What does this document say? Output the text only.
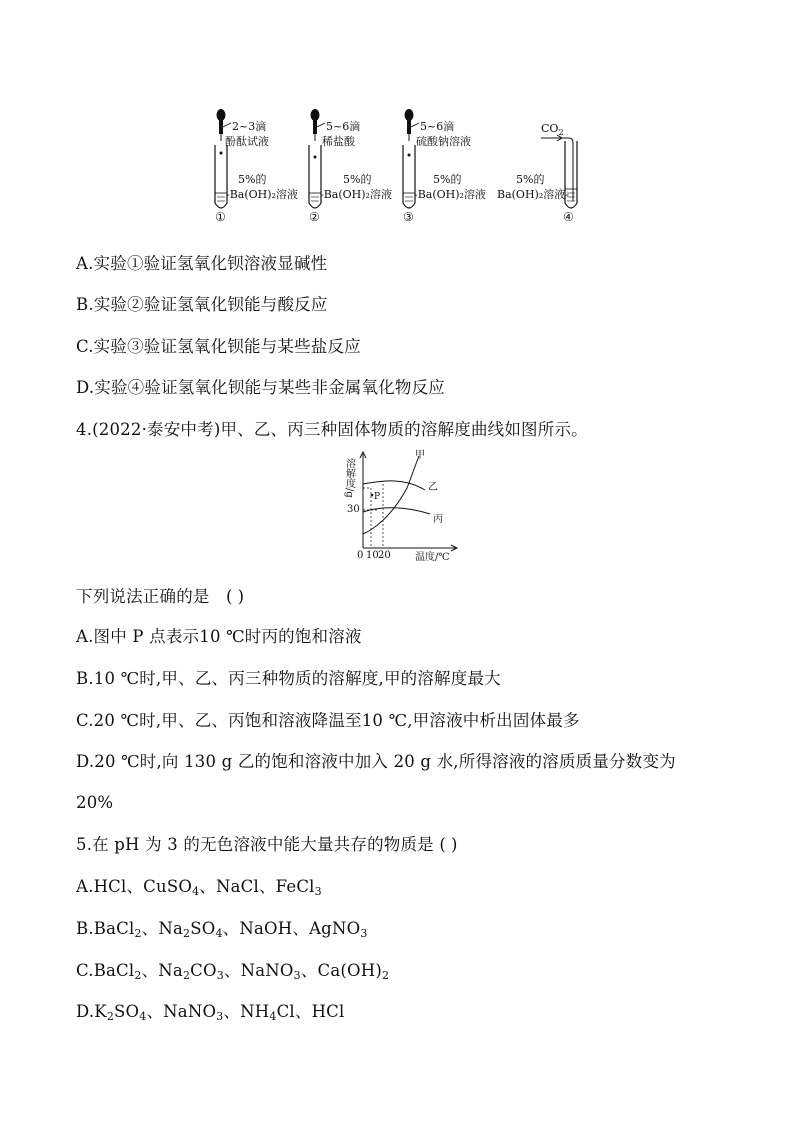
2~3滴
酚酞试液
5%的
-Ba(OH)₂溶液
①
5~6滴
稀盐酸
5%的
-Ba(OH)₂溶液
②
5~6滴
硫酸钠溶液
5%的
-Ba(OH)₂溶液
③
$CO_2$
5%的
Ba(OH)₂溶液-
④
A.实验①验证氢氧化钡溶液显碱性
B.实验②验证氢氧化钡能与酸反应
C.实验③验证氢氧化钡能与某些盐反应
D.实验④验证氢氧化钡能与某些非金属氧化物反应
4.(2022·泰安中考)甲、乙、丙三种固体物质的溶解度曲线如图所示。
溶解度/g
30
0 10 20 温度/℃
P
甲
乙
丙
下列说法正确的是 ( )
A.图中 P 点表示10 ℃时丙的饱和溶液
B.10 ℃时,甲、乙、丙三种物质的溶解度,甲的溶解度最大
C.20 ℃时,甲、乙、丙饱和溶液降温至10 ℃,甲溶液中析出固体最多
D.20 ℃时,向 130 g 乙的饱和溶液中加入 20 g 水,所得溶液的溶质质量分数变为
20%
5.在 pH 为 3 的无色溶液中能大量共存的物质是 ( )
A.HCl、CuSO$_4$、NaCl、FeCl$_3$
B.BaCl$_2$、$Na_2SO_4$、NaOH、AgNO$_3$
C.BaCl$_2$、$Na_2CO_3$、NaNO$_3$、$Ca(OH)_2$
$D.K_2SO_4$、NaNO$_3$、$NH_4Cl$、HCl
